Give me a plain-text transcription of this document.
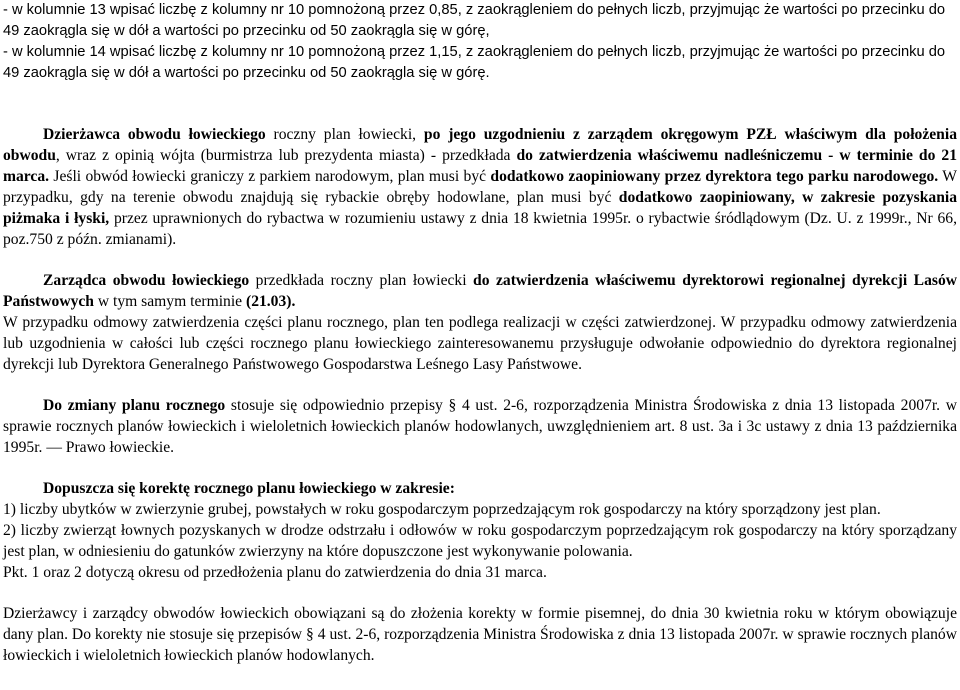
- w kolumnie 13 wpisać liczbę z kolumny nr 10 pomnożoną przez 0,85, z zaokrągleniem do pełnych liczb, przyjmując że wartości po przecinku do 49 zaokrągla się w dół a wartości po przecinku od 50 zaokrągla się w górę,

- w kolumnie 14 wpisać liczbę z kolumny nr 10 pomnożoną przez 1,15, z zaokrągleniem do pełnych liczb, przyjmując że wartości po przecinku do 49 zaokrągla się w dół a wartości po przecinku od 50 zaokrągla się w górę.

Dzierżawca obwodu łowieckiego roczny plan łowiecki, po jego uzgodnieniu z zarządem okręgowym PZŁ właściwym dla położenia obwodu, wraz z opinią wójta (burmistrza lub prezydenta miasta) - przedkłada do zatwierdzenia właściwemu nadleśniczemu - w terminie do 21 marca. Jeśli obwód łowiecki graniczy z parkiem narodowym, plan musi być dodatkowo zaopiniowany przez dyrektora tego parku narodowego. W przypadku, gdy na terenie obwodu znajdują się rybackie obręby hodowlane, plan musi być dodatkowo zaopiniowany, w zakresie pozyskania piżmaka i łyski, przez uprawnionych do rybactwa w rozumieniu ustawy z dnia 18 kwietnia 1995r. o rybactwie śródlądowym (Dz. U. z 1999r., Nr 66, poz.750 z późn. zmianami).

Zarządca obwodu łowieckiego przedkłada roczny plan łowiecki do zatwierdzenia właściwemu dyrektorowi regionalnej dyrekcji Lasów Państwowych w tym samym terminie (21.03).

W przypadku odmowy zatwierdzenia części planu rocznego, plan ten podlega realizacji w części zatwierdzonej. W przypadku odmowy zatwierdzenia lub uzgodnienia w całości lub części rocznego planu łowieckiego zainteresowanemu przysługuje odwołanie odpowiednio do dyrektora regionalnej dyrekcji lub Dyrektora Generalnego Państwowego Gospodarstwa Leśnego Lasy Państwowe.

Do zmiany planu rocznego stosuje się odpowiednio przepisy § 4 ust. 2-6, rozporządzenia Ministra Środowiska z dnia 13 listopada 2007r. w sprawie rocznych planów łowieckich i wieloletnich łowieckich planów hodowlanych, uwzględnieniem art. 8 ust. 3a i 3c ustawy z dnia 13 października 1995r. ― Prawo łowieckie.

Dopuszcza się korektę rocznego planu łowieckiego w zakresie:

1) liczby ubytków w zwierzynie grubej, powstałych w roku gospodarczym poprzedzającym rok gospodarczy na który sporządzony jest plan.

2) liczby zwierząt łownych pozyskanych w drodze odstrzału i odłowów w roku gospodarczym poprzedzającym rok gospodarczy na który sporządzany jest plan, w odniesieniu do gatunków zwierzyny na które dopuszczone jest wykonywanie polowania.

Pkt. 1 oraz 2 dotyczą okresu od przedłożenia planu do zatwierdzenia do dnia 31 marca.

Dzierżawcy i zarządcy obwodów łowieckich obowiązani są do złożenia korekty w formie pisemnej, do dnia 30 kwietnia roku w którym obowiązuje dany plan. Do korekty nie stosuje się przepisów § 4 ust. 2-6, rozporządzenia Ministra Środowiska z dnia 13 listopada 2007r. w sprawie rocznych planów łowieckich i wieloletnich łowieckich planów hodowlanych.
